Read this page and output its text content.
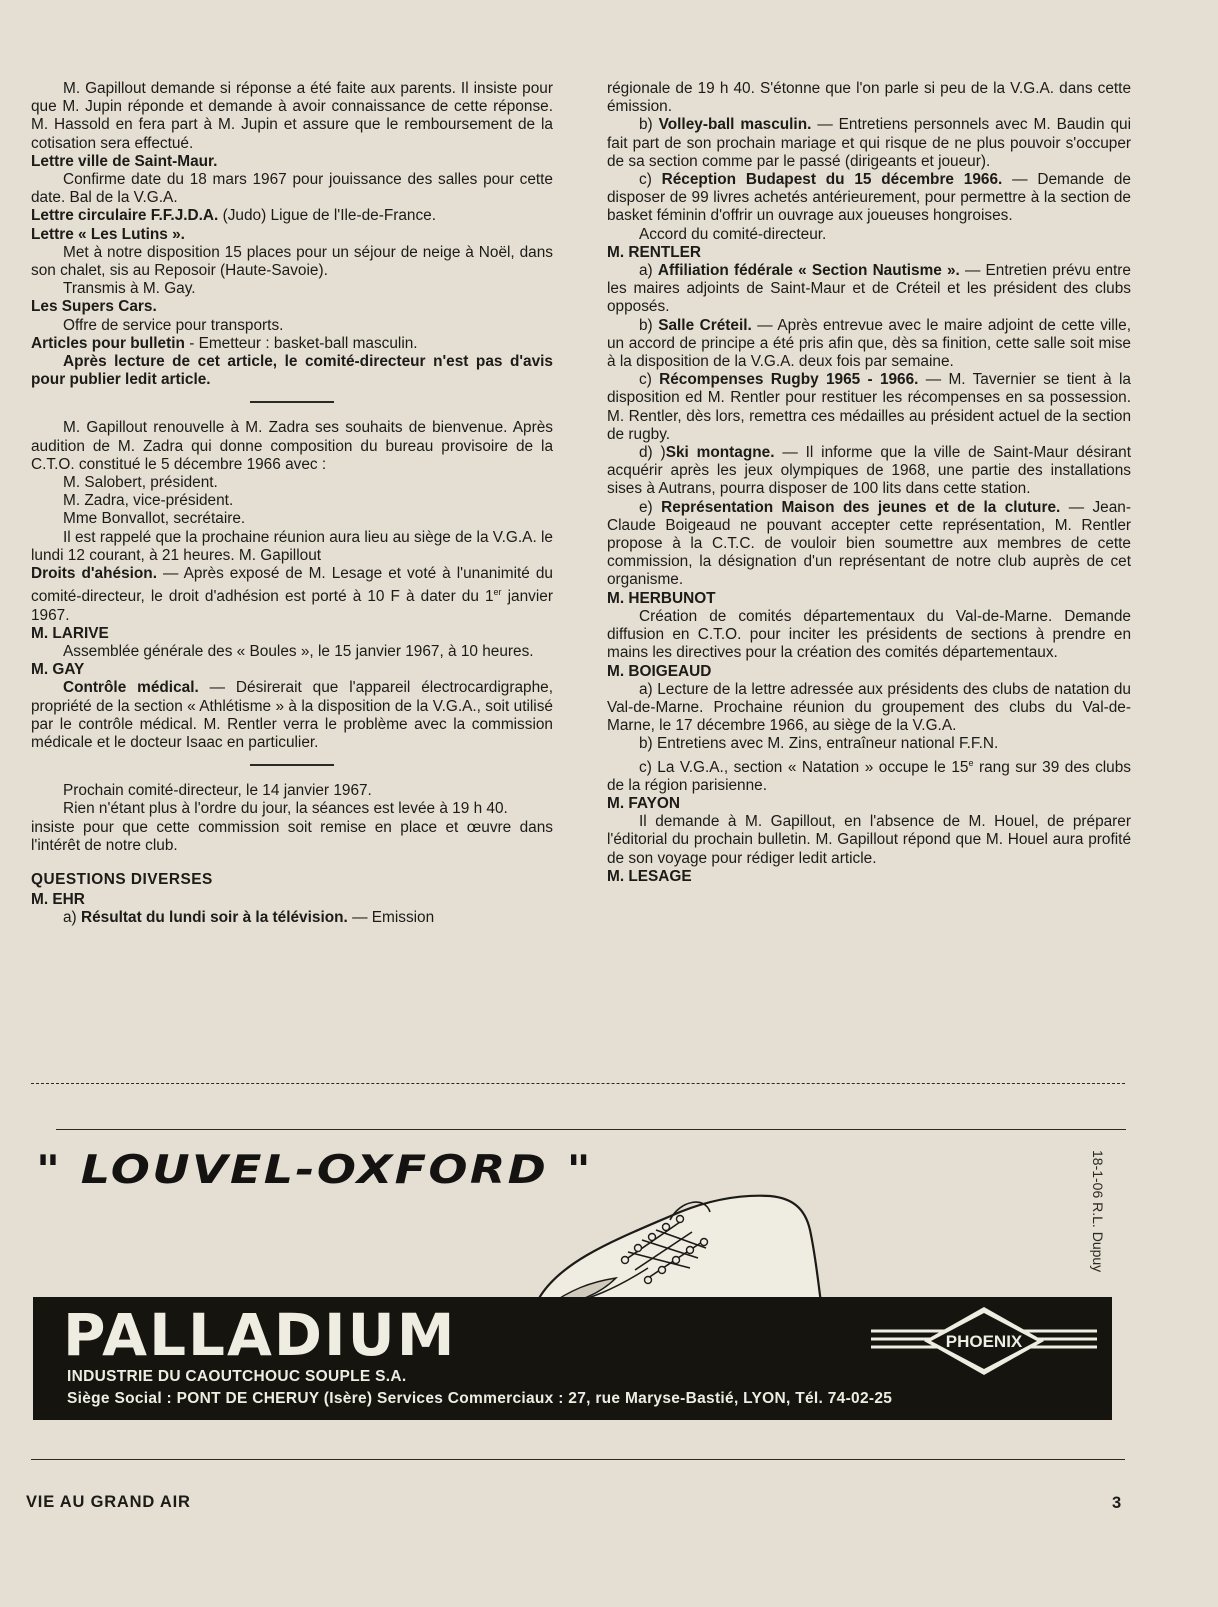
M. Gapillout demande si réponse a été faite aux parents. Il insiste pour que M. Jupin réponde et demande à avoir connaissance de cette réponse. M. Hassold en fera part à M. Jupin et assure que le remboursement de la cotisation sera effectué.

Lettre ville de Saint-Maur.

Confirme date du 18 mars 1967 pour jouissance des salles pour cette date. Bal de la V.G.A.

Lettre circulaire F.F.J.D.A. (Judo) Ligue de l'Ile-de-France.

Lettre « Les Lutins ».

Met à notre disposition 15 places pour un séjour de neige à Noël, dans son chalet, sis au Reposoir (Haute-Savoie).

Transmis à M. Gay.

Les Supers Cars.

Offre de service pour transports.

Articles pour bulletin - Emetteur : basket-ball masculin.

Après lecture de cet article, le comité-directeur n'est pas d'avis pour publier ledit article.

M. Gapillout renouvelle à M. Zadra ses souhaits de bienvenue. Après audition de M. Zadra qui donne composition du bureau provisoire de la C.T.O. constitué le 5 décembre 1966 avec :

M. Salobert, président.

M. Zadra, vice-président.

Mme Bonvallot, secrétaire.

Il est rappelé que la prochaine réunion aura lieu au siège de la V.G.A. le lundi 12 courant, à 21 heures. M. Gapillout

Droits d'ahésion. — Après exposé de M. Lesage et voté à l'unanimité du comité-directeur, le droit d'adhésion est porté à 10 F à dater du 1er janvier 1967.

M. LARIVE

Assemblée générale des « Boules », le 15 janvier 1967, à 10 heures.

M. GAY

Contrôle médical. — Désirerait que l'appareil électrocardigraphe, propriété de la section « Athlétisme » à la disposition de la V.G.A., soit utilisé par le contrôle médical. M. Rentler verra le problème avec la commission médicale et le docteur Isaac en particulier.

Prochain comité-directeur, le 14 janvier 1967.

Rien n'étant plus à l'ordre du jour, la séances est levée à 19 h 40.

insiste pour que cette commission soit remise en place et œuvre dans l'intérêt de notre club.

QUESTIONS DIVERSES

M. EHR

a) Résultat du lundi soir à la télévision. — Emission

régionale de 19 h 40. S'étonne que l'on parle si peu de la V.G.A. dans cette émission.

b) Volley-ball masculin. — Entretiens personnels avec M. Baudin qui fait part de son prochain mariage et qui risque de ne plus pouvoir s'occuper de sa section comme par le passé (dirigeants et joueur).

c) Réception Budapest du 15 décembre 1966. — Demande de disposer de 99 livres achetés antérieurement, pour permettre à la section de basket féminin d'offrir un ouvrage aux joueuses hongroises.

Accord du comité-directeur.

M. RENTLER

a) Affiliation fédérale « Section Nautisme ». — Entretien prévu entre les maires adjoints de Saint-Maur et de Créteil et les président des clubs opposés.

b) Salle Créteil. — Après entrevue avec le maire adjoint de cette ville, un accord de principe a été pris afin que, dès sa finition, cette salle soit mise à la disposition de la V.G.A. deux fois par semaine.

c) Récompenses Rugby 1965 - 1966. — M. Tavernier se tient à la disposition ed M. Rentler pour restituer les récompenses en sa possession. M. Rentler, dès lors, remettra ces médailles au président actuel de la section de rugby.

d) )Ski montagne. — Il informe que la ville de Saint-Maur désirant acquérir après les jeux olympiques de 1968, une partie des installations sises à Autrans, pourra disposer de 100 lits dans cette station.

e) Représentation Maison des jeunes et de la cluture. — Jean-Claude Boigeaud ne pouvant accepter cette représentation, M. Rentler propose à la C.T.C. de vouloir bien soumettre aux membres de cette commission, la désignation d'un représentant de notre club auprès de cet organisme.

M. HERBUNOT

Création de comités départementaux du Val-de-Marne. Demande diffusion en C.T.O. pour inciter les présidents de sections à prendre en mains les directives pour la création des comités départementaux.

M. BOIGEAUD

a) Lecture de la lettre adressée aux présidents des clubs de natation du Val-de-Marne. Prochaine réunion du groupement des clubs du Val-de-Marne, le 17 décembre 1966, au siège de la V.G.A.

b) Entretiens avec M. Zins, entraîneur national F.F.N.

c) La V.G.A., section « Natation » occupe le 15e rang sur 39 des clubs de la région parisienne.

M. FAYON

Il demande à M. Gapillout, en l'absence de M. Houel, de préparer l'éditorial du prochain bulletin. M. Gapillout répond que M. Houel aura profité de son voyage pour rédiger ledit article.

M. LESAGE

" LOUVEL-OXFORD "	18-1-06 R.L. Dupuy
PALLADIUM
INDUSTRIE DU CAOUTCHOUC SOUPLE S.A.
Siège Social : PONT DE CHERUY (Isère) Services Commerciaux : 27, rue Maryse-Bastié, LYON, Tél. 74-02-25
PHOENIX
VIE AU GRAND AIR	3
